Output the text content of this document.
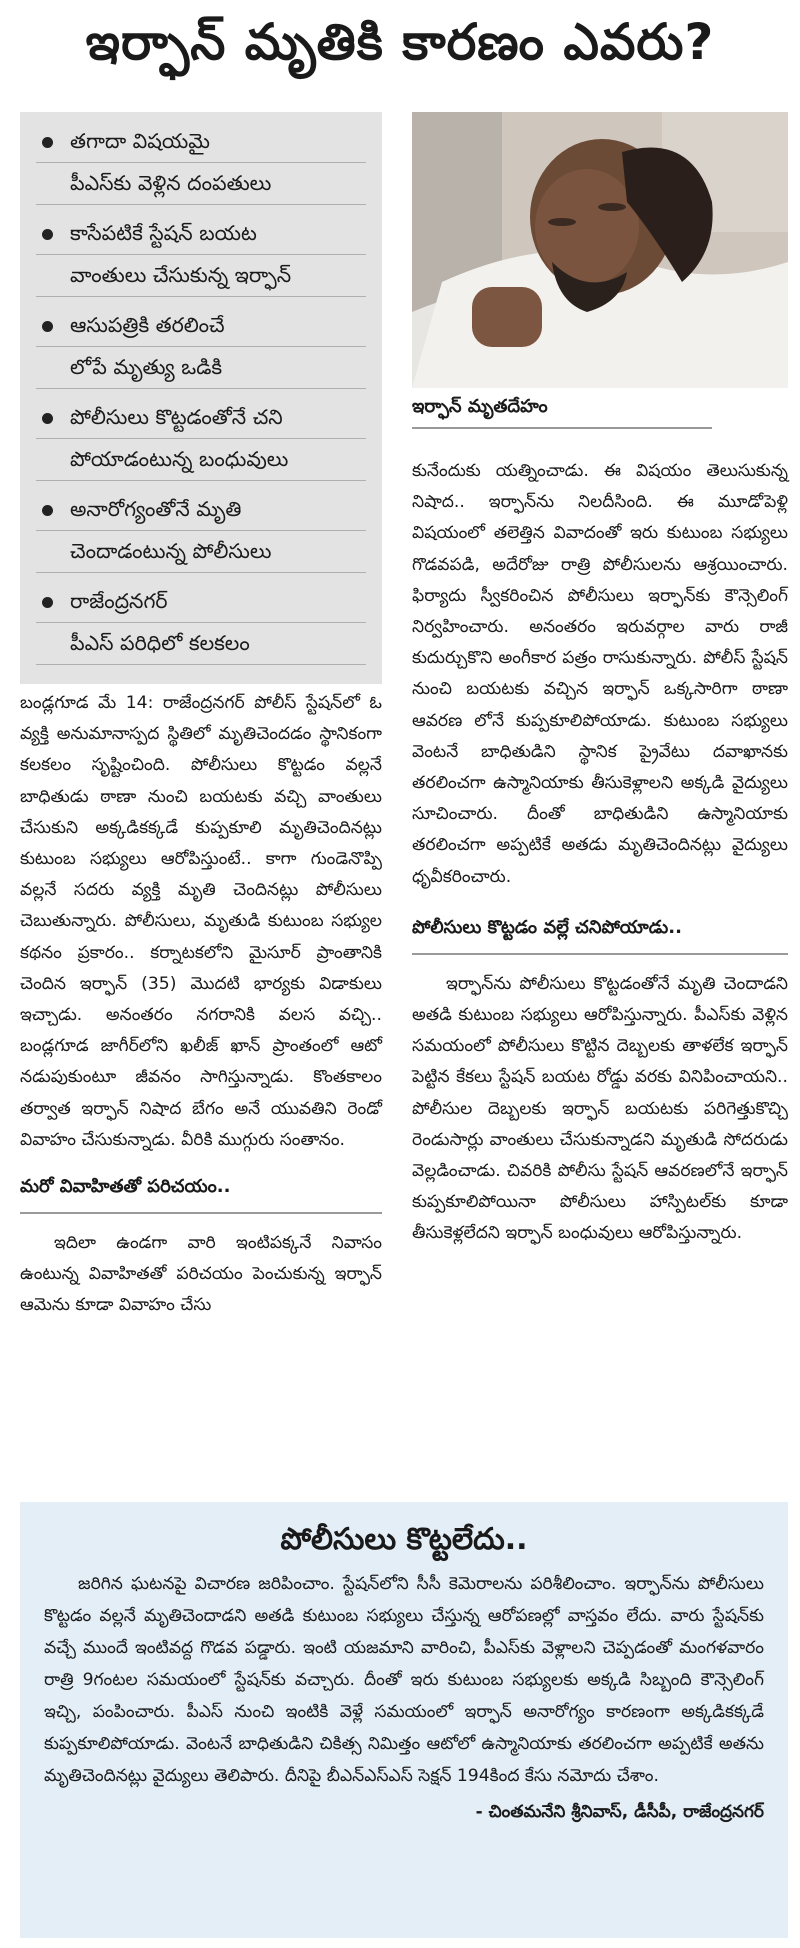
ఇర్ఫాన్ మృతికి కారణం ఎవరు?
తగాదా విషయమై
పీఎస్‌కు వెళ్లిన దంపతులు
కాసేపటికే స్టేషన్ బయట
వాంతులు చేసుకున్న ఇర్ఫాన్
ఆసుపత్రికి తరలించే
లోపే మృత్యు ఒడికి
పోలీసులు కొట్టడంతోనే చని
పోయాడంటున్న బంధువులు
అనారోగ్యంతోనే మృతి
చెందాడంటున్న పోలీసులు
రాజేంద్రనగర్
పీఎస్ పరిధిలో కలకలం
ఇర్ఫాన్ మృతదేహం

బండ్లగూడ మే 14: రాజేంద్రనగర్ పోలీస్ స్టేషన్‌లో ఓ వ్యక్తి అనుమానాస్పద స్థితిలో మృతిచెందడం స్థానికంగా కలకలం సృష్టించింది. పోలీసులు కొట్టడం వల్లనే బాధితుడు ఠాణా నుంచి బయటకు వచ్చి వాంతులు చేసుకుని అక్కడికక్కడే కుప్పకూలి మృతిచెందినట్లు కుటుంబ సభ్యులు ఆరోపిస్తుంటే.. కాగా గుండెనొప్పి వల్లనే సదరు వ్యక్తి మృతి చెందినట్లు పోలీసులు చెబుతున్నారు. పోలీసులు, మృతుడి కుటుంబ సభ్యుల కథనం ప్రకారం.. కర్నాటకలోని మైసూర్ ప్రాంతానికి చెందిన ఇర్ఫాన్ (35) మొదటి భార్యకు విడాకులు ఇచ్చాడు. అనంతరం నగరానికి వలస వచ్చి.. బండ్లగూడ జాగీర్‌లోని ఖలీజ్ ఖాన్ ప్రాంతంలో ఆటో నడుపుకుంటూ జీవనం సాగిస్తున్నాడు. కొంతకాలం తర్వాత ఇర్ఫాన్ నిషాద బేగం అనే యువతిని రెండో వివాహం చేసుకున్నాడు. వీరికి ముగ్గురు సంతానం.

మరో వివాహితతో పరిచయం..

ఇదిలా ఉండగా వారి ఇంటిపక్కనే నివాసం ఉంటున్న వివాహితతో పరిచయం పెంచుకున్న ఇర్ఫాన్ ఆమెను కూడా వివాహం చేసు

కునేందుకు యత్నించాడు. ఈ విషయం తెలుసుకున్న నిషాద.. ఇర్ఫాన్‌ను నిలదీసింది. ఈ మూడోపెళ్లి విషయంలో తలెత్తిన వివాదంతో ఇరు కుటుంబ సభ్యులు గొడవపడి, అదేరోజు రాత్రి పోలీసులను ఆశ్రయించారు. ఫిర్యాదు స్వీకరించిన పోలీసులు ఇర్ఫాన్‌కు కౌన్సెలింగ్ నిర్వహించారు. అనంతరం ఇరువర్గాల వారు రాజీ కుదుర్చుకొని అంగీకార పత్రం రాసుకున్నారు. పోలీస్ స్టేషన్ నుంచి బయటకు వచ్చిన ఇర్ఫాన్ ఒక్కసారిగా ఠాణా ఆవరణ లోనే కుప్పకూలిపోయాడు. కుటుంబ సభ్యులు వెంటనే బాధితుడిని స్థానిక ప్రైవేటు దవాఖానకు తరలించగా ఉస్మానియాకు తీసుకెళ్లాలని అక్కడి వైద్యులు సూచించారు. దీంతో బాధితుడిని ఉస్మానియాకు తరలించగా అప్పటికే అతడు మృతిచెందినట్లు వైద్యులు ధృవీకరించారు.

పోలీసులు కొట్టడం వల్లే చనిపోయాడు..

ఇర్ఫాన్‌ను పోలీసులు కొట్టడంతోనే మృతి చెందాడని అతడి కుటుంబ సభ్యులు ఆరోపిస్తున్నారు. పీఎస్‌కు వెళ్లిన సమయంలో పోలీసులు కొట్టిన దెబ్బలకు తాళలేక ఇర్ఫాన్ పెట్టిన కేకలు స్టేషన్ బయట రోడ్డు వరకు వినిపించాయని.. పోలీసుల దెబ్బలకు ఇర్ఫాన్ బయటకు పరిగెత్తుకొచ్చి రెండుసార్లు వాంతులు చేసుకున్నాడని మృతుడి సోదరుడు వెల్లడించాడు. చివరికి పోలీసు స్టేషన్ ఆవరణలోనే ఇర్ఫాన్ కుప్పకూలిపోయినా పోలీసులు హాస్పిటల్‌కు కూడా తీసుకెళ్లలేదని ఇర్ఫాన్ బంధువులు ఆరోపిస్తున్నారు.

పోలీసులు కొట్టలేదు..

జరిగిన ఘటనపై విచారణ జరిపించాం. స్టేషన్‌లోని సీసీ కెమెరాలను పరిశీలించాం. ఇర్ఫాన్‌ను పోలీసులు కొట్టడం వల్లనే మృతిచెందాడని అతడి కుటుంబ సభ్యులు చేస్తున్న ఆరోపణల్లో వాస్తవం లేదు. వారు స్టేషన్‌కు వచ్చే ముందే ఇంటివద్ద గొడవ పడ్డారు. ఇంటి యజమాని వారించి, పీఎస్‌కు వెళ్లాలని చెప్పడంతో మంగళవారం రాత్రి 9గంటల సమయంలో స్టేషన్‌కు వచ్చారు. దీంతో ఇరు కుటుంబ సభ్యులకు అక్కడి సిబ్బంది కౌన్సెలింగ్ ఇచ్చి, పంపించారు. పీఎస్ నుంచి ఇంటికి వెళ్లే సమయంలో ఇర్ఫాన్ అనారోగ్యం కారణంగా అక్కడికక్కడే కుప్పకూలిపోయాడు. వెంటనే బాధితుడిని చికిత్స నిమిత్తం ఆటోలో ఉస్మానియాకు తరలించగా అప్పటికే అతను మృతిచెందినట్లు వైద్యులు తెలిపారు. దీనిపై బీఎన్ఎస్ఎస్ సెక్షన్ 194కింద కేసు నమోదు చేశాం.

- చింతమనేని శ్రీనివాస్, డీసీపీ, రాజేంద్రనగర్
